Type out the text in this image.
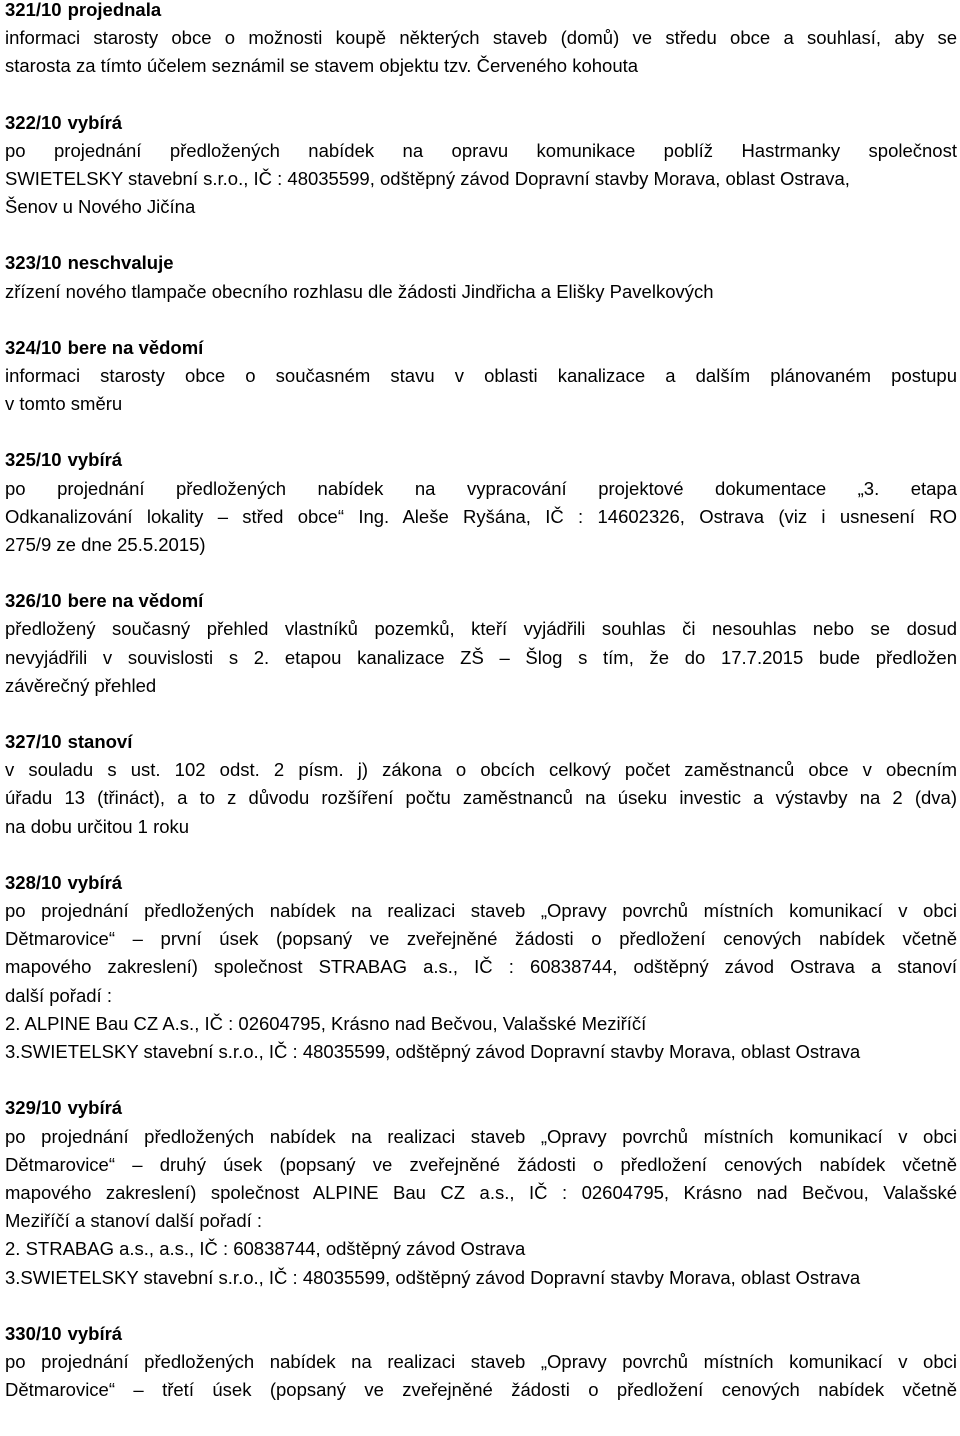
321/10 projednala
informaci starosty obce o možnosti koupě některých staveb (domů) ve středu obce a souhlasí, aby se
starosta za tímto účelem seznámil se stavem objektu tzv. Červeného kohouta
322/10 vybírá
po projednání předložených nabídek na opravu komunikace poblíž Hastrmanky společnost
SWIETELSKY stavební s.r.o., IČ : 48035599, odštěpný závod Dopravní stavby Morava, oblast Ostrava,
Šenov u Nového Jičína
323/10 neschvaluje
zřízení nového tlampače obecního rozhlasu dle žádosti Jindřicha a Elišky Pavelkových
324/10 bere na vědomí
informaci starosty obce o současném stavu v oblasti kanalizace a dalším plánovaném postupu
v tomto směru
325/10 vybírá
po projednání předložených nabídek na vypracování projektové dokumentace „3. etapa
Odkanalizování lokality – střed obce“ Ing. Aleše Ryšána, IČ : 14602326, Ostrava (viz i usnesení RO
275/9 ze dne 25.5.2015)
326/10 bere na vědomí
předložený současný přehled vlastníků pozemků, kteří vyjádřili souhlas či nesouhlas nebo se dosud
nevyjádřili v souvislosti s 2. etapou kanalizace ZŠ – Šlog s tím, že do 17.7.2015 bude předložen
závěrečný přehled
327/10 stanoví
v souladu s ust. 102 odst. 2 písm. j) zákona o obcích celkový počet zaměstnanců obce v obecním
úřadu 13 (třináct), a to z důvodu rozšíření počtu zaměstnanců na úseku investic a výstavby na 2 (dva)
na dobu určitou 1 roku
328/10 vybírá
po projednání předložených nabídek na realizaci staveb „Opravy povrchů místních komunikací v obci
Dětmarovice“ – první úsek (popsaný ve zveřejněné žádosti o předložení cenových nabídek včetně
mapového zakreslení) společnost STRABAG a.s., IČ : 60838744, odštěpný závod Ostrava a stanoví
další pořadí :
2. ALPINE Bau CZ A.s., IČ : 02604795, Krásno nad Bečvou, Valašské Meziříčí
3.SWIETELSKY stavební s.r.o., IČ : 48035599, odštěpný závod Dopravní stavby Morava, oblast Ostrava
329/10 vybírá
po projednání předložených nabídek na realizaci staveb „Opravy povrchů místních komunikací v obci
Dětmarovice“ – druhý úsek (popsaný ve zveřejněné žádosti o předložení cenových nabídek včetně
mapového zakreslení) společnost ALPINE Bau CZ a.s., IČ : 02604795, Krásno nad Bečvou, Valašské
Meziříčí a stanoví další pořadí :
2. STRABAG a.s., a.s., IČ : 60838744, odštěpný závod Ostrava
3.SWIETELSKY stavební s.r.o., IČ : 48035599, odštěpný závod Dopravní stavby Morava, oblast Ostrava
330/10 vybírá
po projednání předložených nabídek na realizaci staveb „Opravy povrchů místních komunikací v obci
Dětmarovice“ – třetí úsek (popsaný ve zveřejněné žádosti o předložení cenových nabídek včetně
